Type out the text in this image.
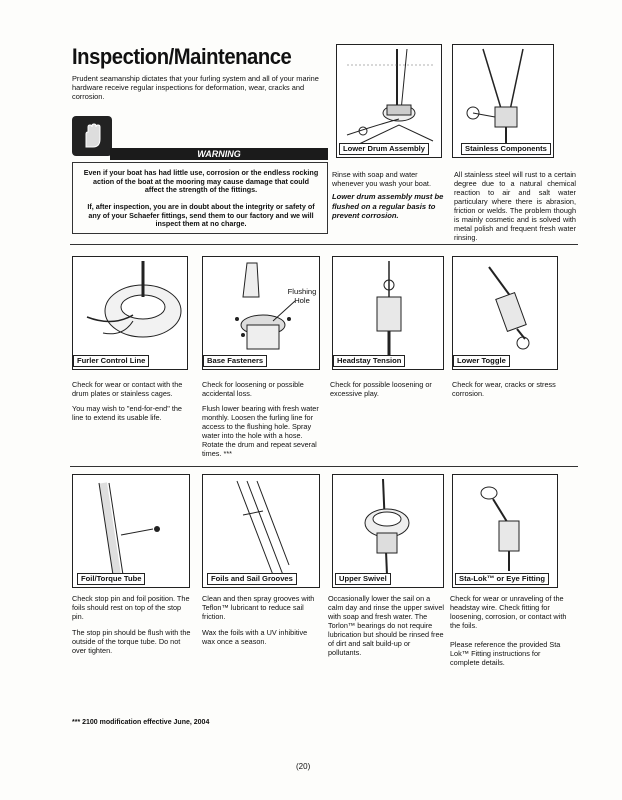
Inspection/Maintenance
Prudent seamanship dictates that your furling system and all of your marine hardware receive regular inspections for deformation, wear, cracks and corrosion.
WARNING
Even if your boat has had little use, corrosion or the endless rocking action of the boat at the mooring may cause damage that could affect the strength of the fittings.
If, after inspection, you are in doubt about the integrity or safety of any of your Schaefer fittings, send them to our factory and we will inspect them at no charge.
Lower Drum Assembly	Stainless Components
Rinse with soap and water whenever you wash your boat.
Lower drum assembly must be flushed on a regular basis to prevent corrosion.
All stainless steel will rust to a certain degree due to a natural chemical reaction to air and salt water particulary where there is abrasion, friction or welds. The problem though is mainly cosmetic and is solved with metal polish and frequent fresh water rinsing.
Furler Control Line
Flushing Hole
Base Fasteners	Headstay Tension	Lower Toggle
Check for wear or contact with the drum plates or stainless cages.
You may wish to "end-for-end" the line to extend its usable life.
Check for loosening or possible accidental loss.
Flush lower bearing with fresh water monthly. Loosen the furling line for access to the flushing hole. Spray water into the hole with a hose. Rotate the drum and repeat several times. ***
Check for possible loosening or excessive play.
Check for wear, cracks or stress corrosion.
Foil/Torque Tube	Foils and Sail Grooves	Upper Swivel	Sta-Lok™ or Eye Fitting
Check stop pin and foil position. The foils should rest on top of the stop pin.
The stop pin should be flush with the outside of the torque tube. Do not over tighten.
Clean and then spray grooves with Teflon™ lubricant to reduce sail friction.
Wax the foils with a UV inhibitive wax once a season.
Occasionally lower the sail on a calm day and rinse the upper swivel with soap and fresh water. The Torlon™ bearings do not require lubrication but should be rinsed free of dirt and salt build-up or pollutants.
Check for wear or unraveling of the headstay wire. Check fitting for loosening, corrosion, or contact with the foils.
Please reference the provided Sta Lok™ Fitting instructions for complete details.
*** 2100 modification effective June, 2004
(20)
